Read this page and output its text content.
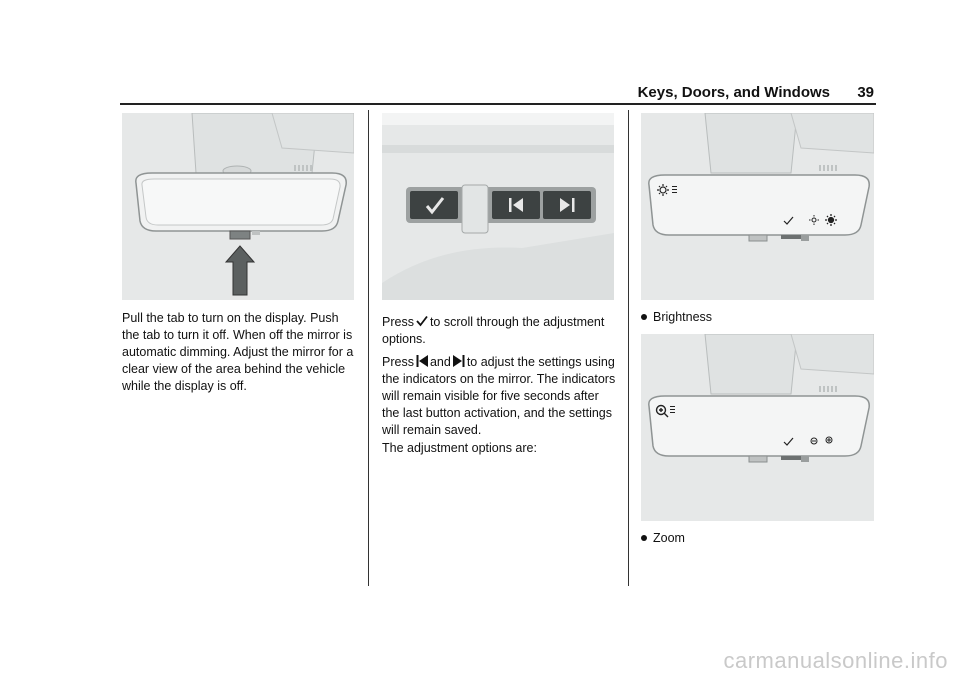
Keys, Doors, and Windows 39

Pull the tab to turn on the display. Push the tab to turn it off. When off the mirror is automatic dimming. Adjust the mirror for a clear view of the area behind the vehicle while the display is off.

Press to scroll through the adjustment options.

Press and to adjust the settings using the indicators on the mirror. The indicators will remain visible for five seconds after the last button activation, and the settings will remain saved.

The adjustment options are:

Brightness
Zoom
carmanualsonline.info
